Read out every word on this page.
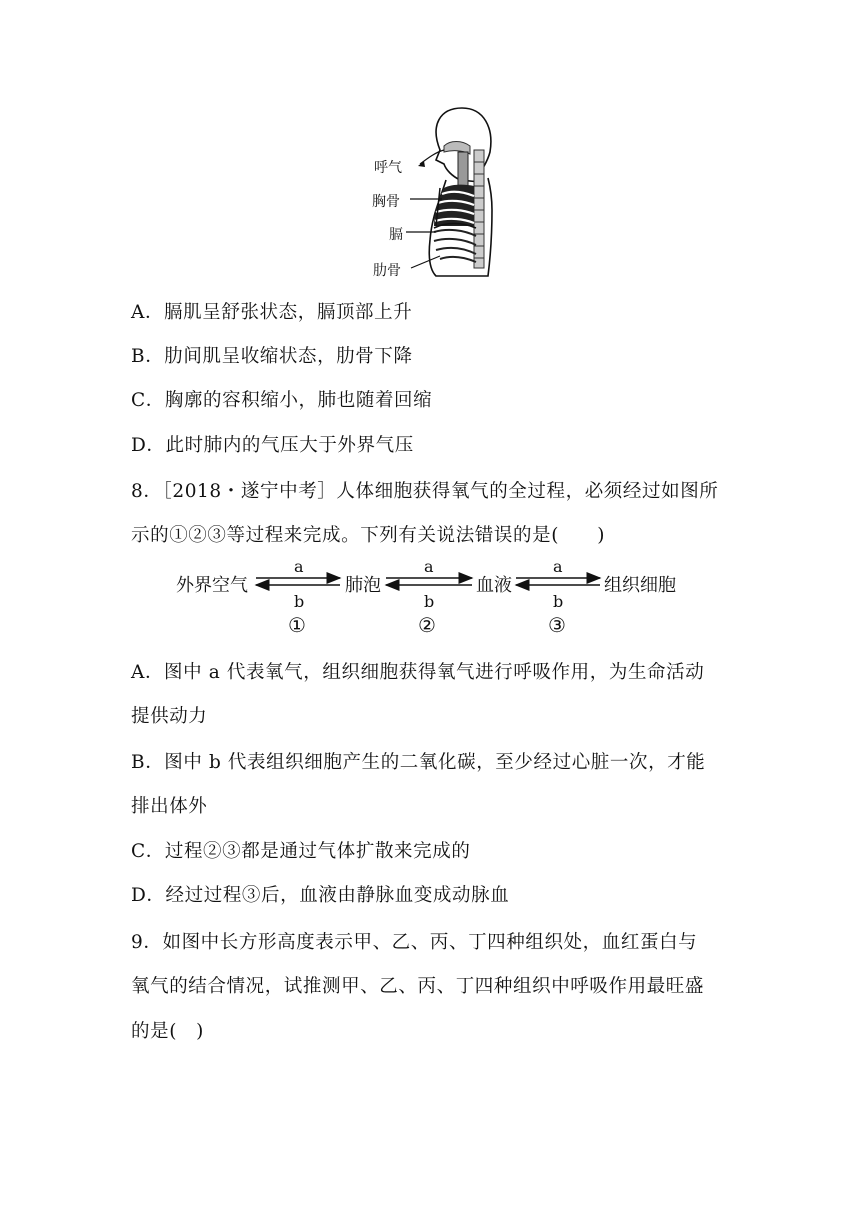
呼气
胸骨
膈
肋骨
A．膈肌呈舒张状态，膈顶部上升
B．肋间肌呈收缩状态，肋骨下降
C．胸廓的容积缩小，肺也随着回缩
D．此时肺内的气压大于外界气压
8．［2018・遂宁中考］人体细胞获得氧气的全过程，必须经过如图所
示的①②③等过程来完成。下列有关说法错误的是(　　)
外界空气	肺泡	血液	组织细胞
a	a	a
b	b	b
①	②	③
A．图中 a 代表氧气，组织细胞获得氧气进行呼吸作用，为生命活动
提供动力
B．图中 b 代表组织细胞产生的二氧化碳，至少经过心脏一次，才能
排出体外
C．过程②③都是通过气体扩散来完成的
D．经过过程③后，血液由静脉血变成动脉血
9．如图中长方形高度表示甲、乙、丙、丁四种组织处，血红蛋白与
氧气的结合情况，试推测甲、乙、丙、丁四种组织中呼吸作用最旺盛
的是(　)
